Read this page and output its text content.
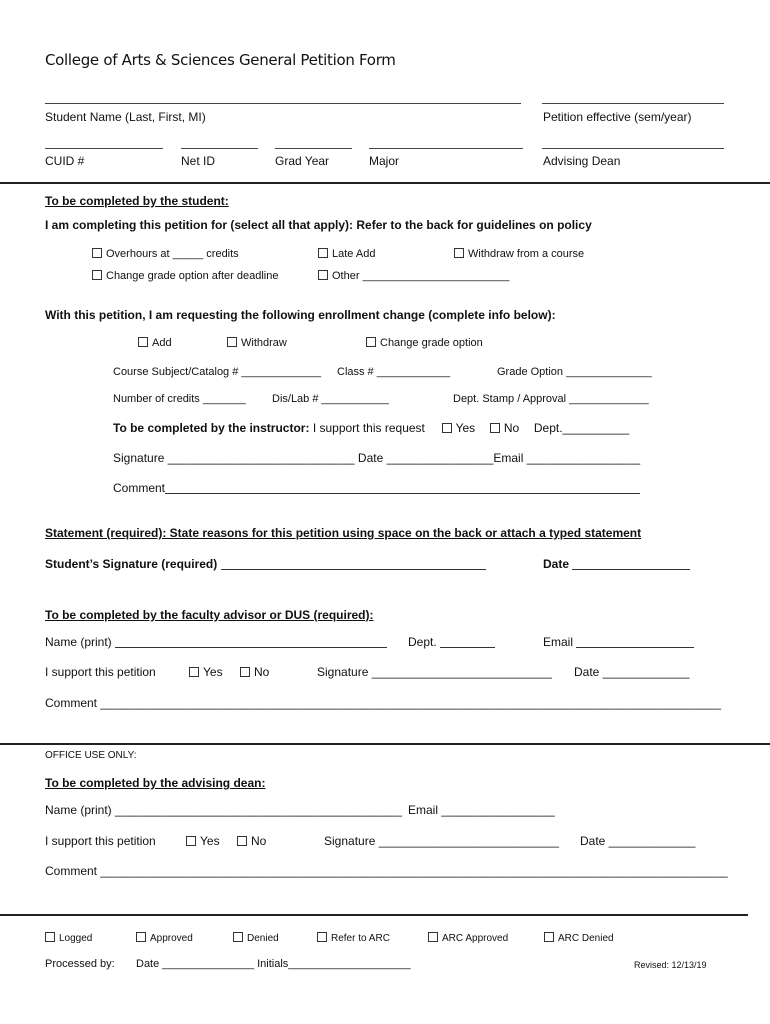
College of Arts & Sciences General Petition Form
Student Name (Last, First, MI)	Petition effective (sem/year)
CUID #	Net ID	Grad Year	Major	Advising Dean
To be completed by the student:
I am completing this petition for (select all that apply): Refer to the back for guidelines on policy
Overhours at _____ credits	Late Add	Withdraw from a course
Change grade option after deadline	Other ________________________
With this petition, I am requesting the following enrollment change (complete info below):
Add	Withdraw	Change grade option
Course Subject/Catalog # _____________ Class # ____________	Grade Option ______________
Number of credits _______ Dis/Lab # ___________	Dept. Stamp / Approval _____________
To be completed by the instructor: I support this request	Yes No Dept.__________
Signature ____________________________ Date ________________Email _________________
Comment
Statement (required): State reasons for this petition using space on the back or attach a typed statement
Student’s Signature (required)	Date
To be completed by the faculty advisor or DUS (required):
Name (print)	Dept.	Email
I support this petition	Yes	No	Signature ___________________________ Date _____________
Comment _____________________________________________________________________________________________
OFFICE USE ONLY:
To be completed by the advising dean:
Name (print) ___________________________________________ Email _________________
I support this petition	Yes	No	Signature ___________________________ Date _____________
Comment ______________________________________________________________________________________________
Logged	Approved	Denied	Refer to ARC	ARC Approved	ARC Denied
Processed by: Date _______________ Initials____________________	Revised: 12/13/19
